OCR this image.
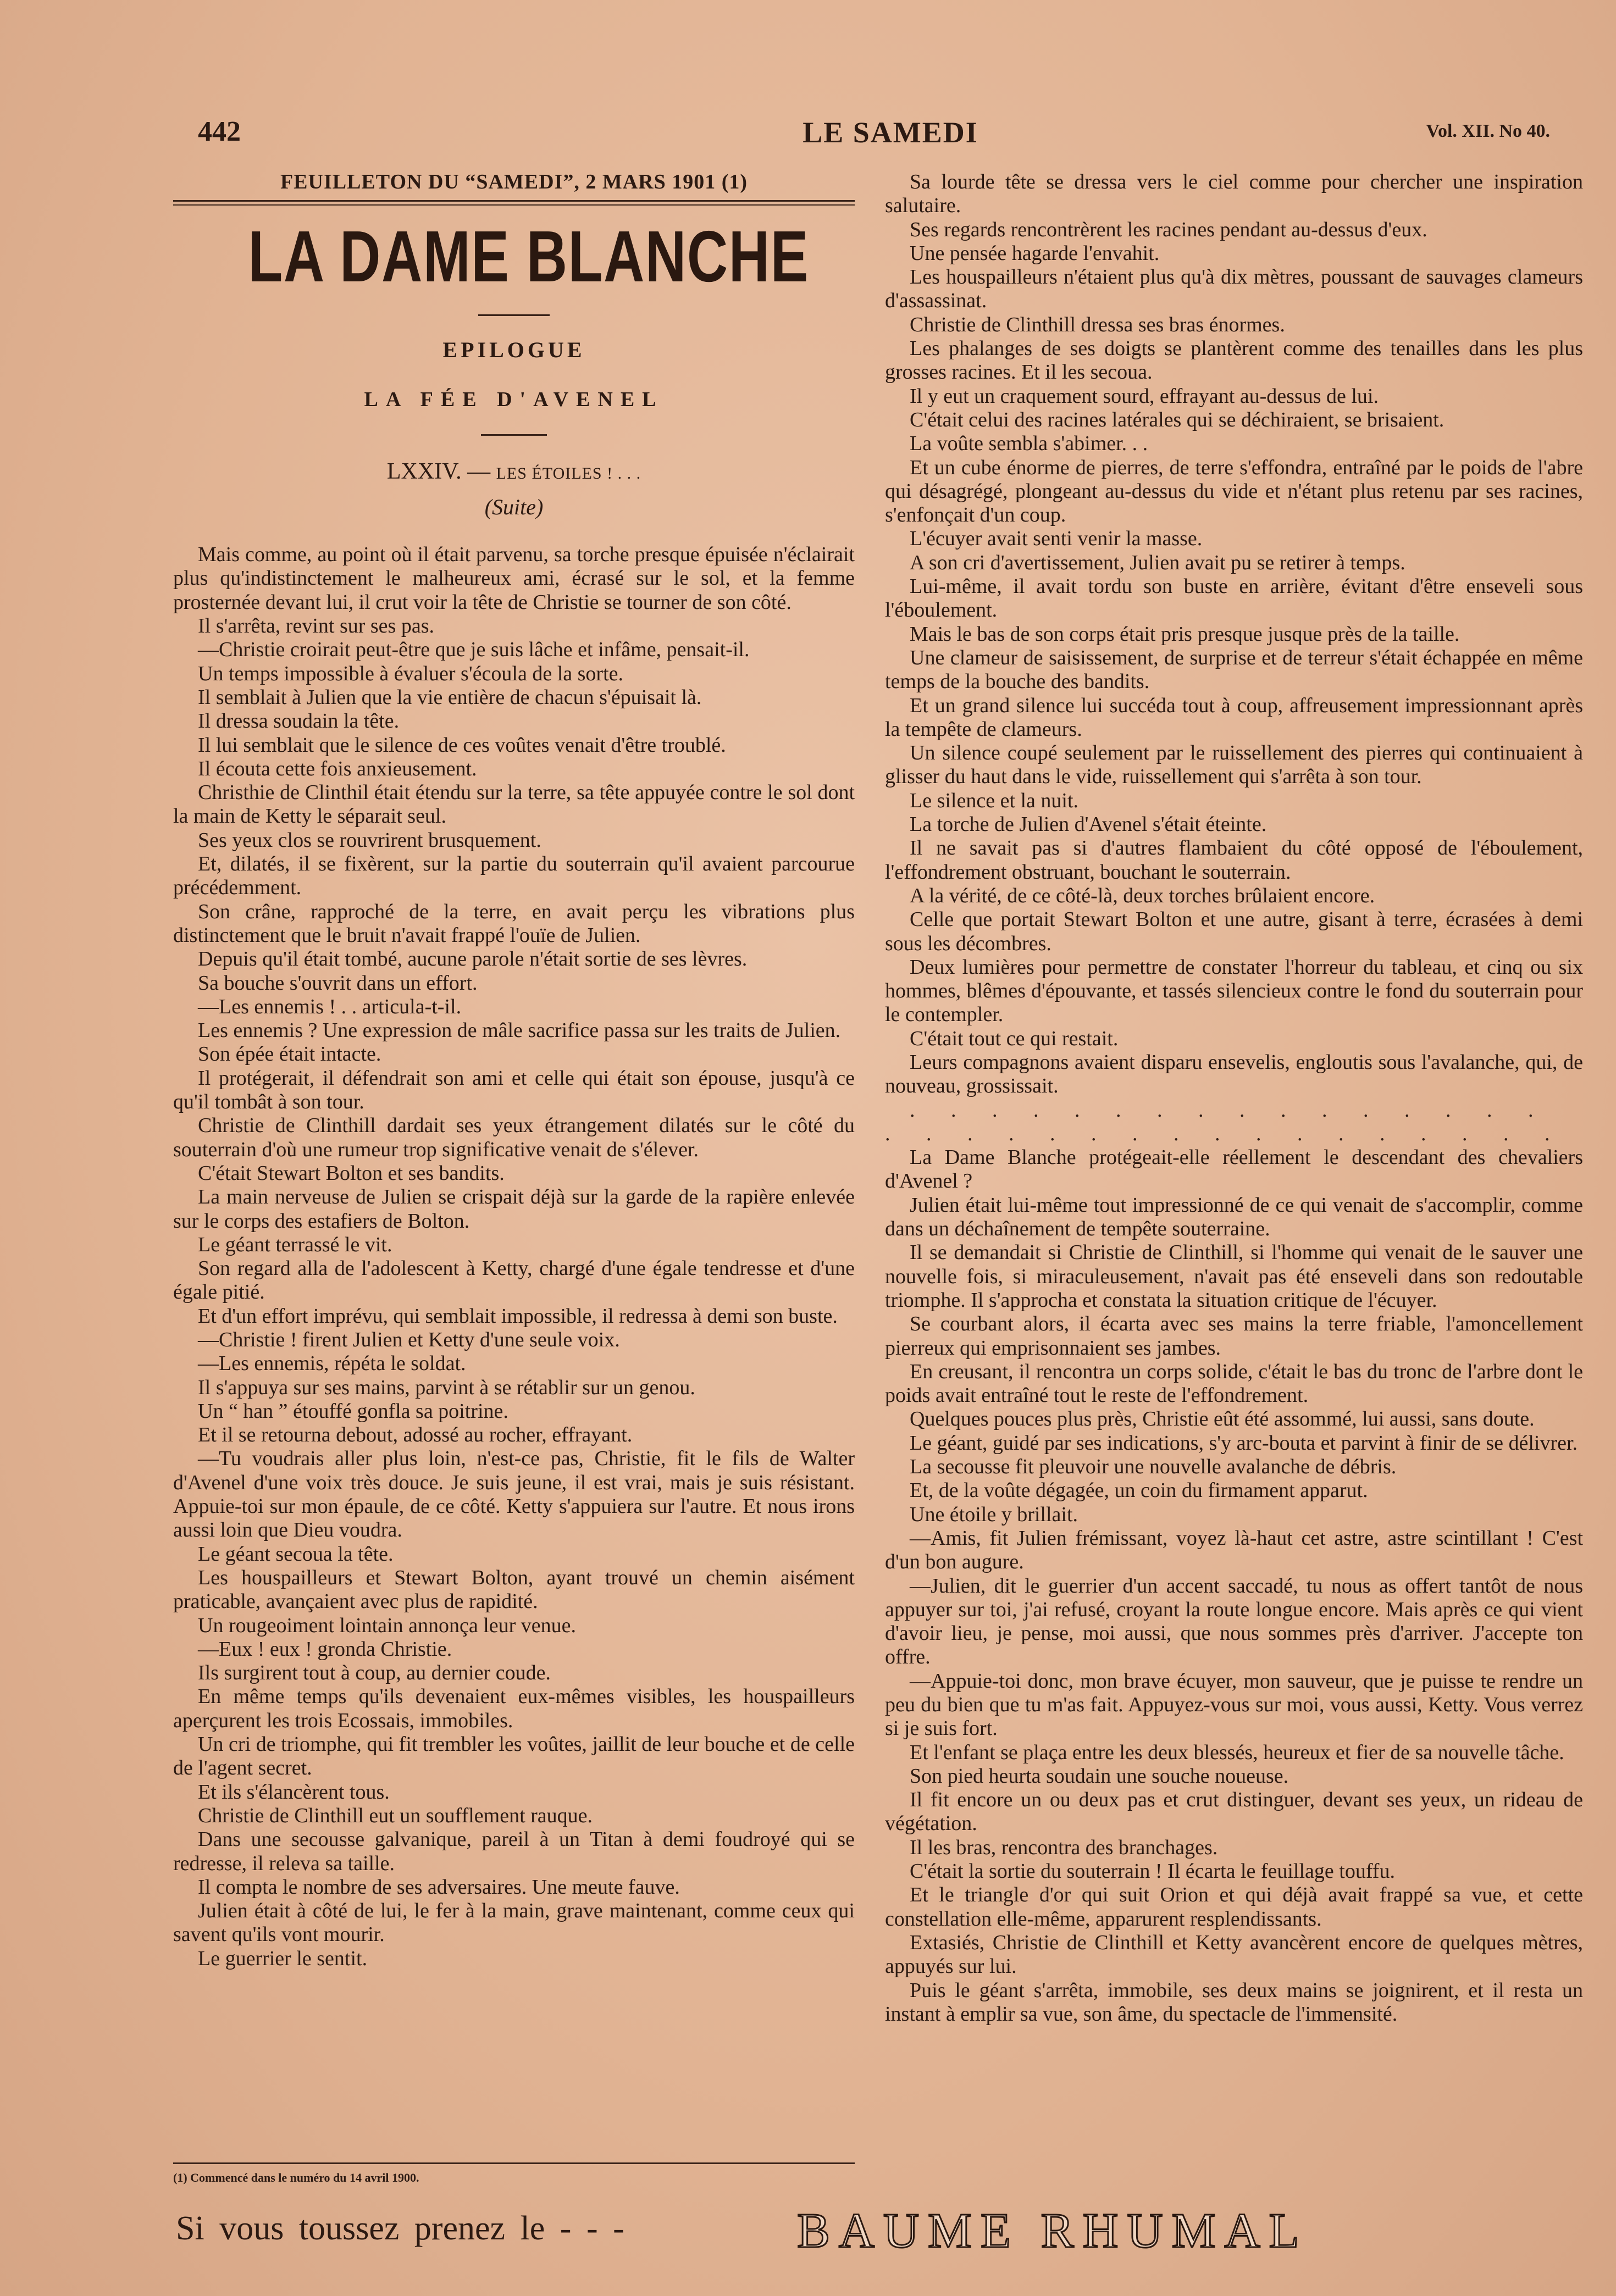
442	LE SAMEDI	Vol. XII. No 40.
FEUILLETON DU “SAMEDI”, 2 MARS 1901 (1)
LA DAME BLANCHE
EPILOGUE
LA FÉE D'AVENEL
LXXIV. — LES ÉTOILES ! . . .
(Suite)

Mais comme, au point où il était parvenu, sa torche presque épuisée n'éclairait plus qu'indistinctement le malheureux ami, écrasé sur le sol, et la femme prosternée devant lui, il crut voir la tête de Christie se tourner de son côté.

Il s'arrêta, revint sur ses pas.

—Christie croirait peut-être que je suis lâche et infâme, pensait-il.

Un temps impossible à évaluer s'écoula de la sorte.

Il semblait à Julien que la vie entière de chacun s'épuisait là.

Il dressa soudain la tête.

Il lui semblait que le silence de ces voûtes venait d'être troublé.

Il écouta cette fois anxieusement.

Christhie de Clinthil était étendu sur la terre, sa tête appuyée contre le sol dont la main de Ketty le séparait seul.

Ses yeux clos se rouvrirent brusquement.

Et, dilatés, il se fixèrent, sur la partie du souterrain qu'il avaient parcourue précédemment.

Son crâne, rapproché de la terre, en avait perçu les vibrations plus distinctement que le bruit n'avait frappé l'ouïe de Julien.

Depuis qu'il était tombé, aucune parole n'était sortie de ses lèvres.

Sa bouche s'ouvrit dans un effort.

—Les ennemis ! . . articula-t-il.

Les ennemis ? Une expression de mâle sacrifice passa sur les traits de Julien.

Son épée était intacte.

Il protégerait, il défendrait son ami et celle qui était son épouse, jusqu'à ce qu'il tombât à son tour.

Christie de Clinthill dardait ses yeux étrangement dilatés sur le côté du souterrain d'où une rumeur trop significative venait de s'élever.

C'était Stewart Bolton et ses bandits.

La main nerveuse de Julien se crispait déjà sur la garde de la rapière enlevée sur le corps des estafiers de Bolton.

Le géant terrassé le vit.

Son regard alla de l'adolescent à Ketty, chargé d'une égale tendresse et d'une égale pitié.

Et d'un effort imprévu, qui semblait impossible, il redressa à demi son buste.

—Christie ! firent Julien et Ketty d'une seule voix.

—Les ennemis, répéta le soldat.

Il s'appuya sur ses mains, parvint à se rétablir sur un genou.

Un “ han ” étouffé gonfla sa poitrine.

Et il se retourna debout, adossé au rocher, effrayant.

—Tu voudrais aller plus loin, n'est-ce pas, Christie, fit le fils de Walter d'Avenel d'une voix très douce. Je suis jeune, il est vrai, mais je suis résistant. Appuie-toi sur mon épaule, de ce côté. Ketty s'appuiera sur l'autre. Et nous irons aussi loin que Dieu voudra.

Le géant secoua la tête.

Les houspailleurs et Stewart Bolton, ayant trouvé un chemin aisément praticable, avançaient avec plus de rapidité.

Un rougeoiment lointain annonça leur venue.

—Eux ! eux ! gronda Christie.

Ils surgirent tout à coup, au dernier coude.

En même temps qu'ils devenaient eux-mêmes visibles, les houspailleurs aperçurent les trois Ecossais, immobiles.

Un cri de triomphe, qui fit trembler les voûtes, jaillit de leur bouche et de celle de l'agent secret.

Et ils s'élancèrent tous.

Christie de Clinthill eut un soufflement rauque.

Dans une secousse galvanique, pareil à un Titan à demi foudroyé qui se redresse, il releva sa taille.

Il compta le nombre de ses adversaires. Une meute fauve.

Julien était à côté de lui, le fer à la main, grave maintenant, comme ceux qui savent qu'ils vont mourir.

Le guerrier le sentit.

Sa lourde tête se dressa vers le ciel comme pour chercher une inspiration salutaire.

Ses regards rencontrèrent les racines pendant au-dessus d'eux.

Une pensée hagarde l'envahit.

Les houspailleurs n'étaient plus qu'à dix mètres, poussant de sauvages clameurs d'assassinat.

Christie de Clinthill dressa ses bras énormes.

Les phalanges de ses doigts se plantèrent comme des tenailles dans les plus grosses racines. Et il les secoua.

Il y eut un craquement sourd, effrayant au-dessus de lui.

C'était celui des racines latérales qui se déchiraient, se brisaient.

La voûte sembla s'abimer. . .

Et un cube énorme de pierres, de terre s'effondra, entraîné par le poids de l'abre qui désagrégé, plongeant au-dessus du vide et n'étant plus retenu par ses racines, s'enfonçait d'un coup.

L'écuyer avait senti venir la masse.

A son cri d'avertissement, Julien avait pu se retirer à temps.

Lui-même, il avait tordu son buste en arrière, évitant d'être enseveli sous l'éboulement.

Mais le bas de son corps était pris presque jusque près de la taille.

Une clameur de saisissement, de surprise et de terreur s'était échappée en même temps de la bouche des bandits.

Et un grand silence lui succéda tout à coup, affreusement impressionnant après la tempête de clameurs.

Un silence coupé seulement par le ruissellement des pierres qui continuaient à glisser du haut dans le vide, ruissellement qui s'arrêta à son tour.

Le silence et la nuit.

La torche de Julien d'Avenel s'était éteinte.

Il ne savait pas si d'autres flambaient du côté opposé de l'éboulement, l'effondrement obstruant, bouchant le souterrain.

A la vérité, de ce côté-là, deux torches brûlaient encore.

Celle que portait Stewart Bolton et une autre, gisant à terre, écrasées à demi sous les décombres.

Deux lumières pour permettre de constater l'horreur du tableau, et cinq ou six hommes, blêmes d'épouvante, et tassés silencieux contre le fond du souterrain pour le contempler.

C'était tout ce qui restait.

Leurs compagnons avaient disparu ensevelis, engloutis sous l'avalanche, qui, de nouveau, grossissait.

. . . . . . . . . . . . . . . . . . . . . . . . . . . . . . . . .

La Dame Blanche protégeait-elle réellement le descendant des chevaliers d'Avenel ?

Julien était lui-même tout impressionné de ce qui venait de s'accomplir, comme dans un déchaînement de tempête souterraine.

Il se demandait si Christie de Clinthill, si l'homme qui venait de le sauver une nouvelle fois, si miraculeusement, n'avait pas été enseveli dans son redoutable triomphe. Il s'approcha et constata la situation critique de l'écuyer.

Se courbant alors, il écarta avec ses mains la terre friable, l'amoncellement pierreux qui emprisonnaient ses jambes.

En creusant, il rencontra un corps solide, c'était le bas du tronc de l'arbre dont le poids avait entraîné tout le reste de l'effondrement.

Quelques pouces plus près, Christie eût été assommé, lui aussi, sans doute.

Le géant, guidé par ses indications, s'y arc-bouta et parvint à finir de se délivrer.

La secousse fit pleuvoir une nouvelle avalanche de débris.

Et, de la voûte dégagée, un coin du firmament apparut.

Une étoile y brillait.

—Amis, fit Julien frémissant, voyez là-haut cet astre, astre scintillant ! C'est d'un bon augure.

—Julien, dit le guerrier d'un accent saccadé, tu nous as offert tantôt de nous appuyer sur toi, j'ai refusé, croyant la route longue encore. Mais après ce qui vient d'avoir lieu, je pense, moi aussi, que nous sommes près d'arriver. J'accepte ton offre.

—Appuie-toi donc, mon brave écuyer, mon sauveur, que je puisse te rendre un peu du bien que tu m'as fait. Appuyez-vous sur moi, vous aussi, Ketty. Vous verrez si je suis fort.

Et l'enfant se plaça entre les deux blessés, heureux et fier de sa nouvelle tâche.

Son pied heurta soudain une souche noueuse.

Il fit encore un ou deux pas et crut distinguer, devant ses yeux, un rideau de végétation.

Il les bras, rencontra des branchages.

C'était la sortie du souterrain ! Il écarta le feuillage touffu.

Et le triangle d'or qui suit Orion et qui déjà avait frappé sa vue, et cette constellation elle-même, apparurent resplendissants.

Extasiés, Christie de Clinthill et Ketty avancèrent encore de quelques mètres, appuyés sur lui.

Puis le géant s'arrêta, immobile, ses deux mains se joignirent, et il resta un instant à emplir sa vue, son âme, du spectacle de l'immensité.

(1) Commencé dans le numéro du 14 avril 1900.
Si vous toussez prenez le - - -	BAUME RHUMAL
